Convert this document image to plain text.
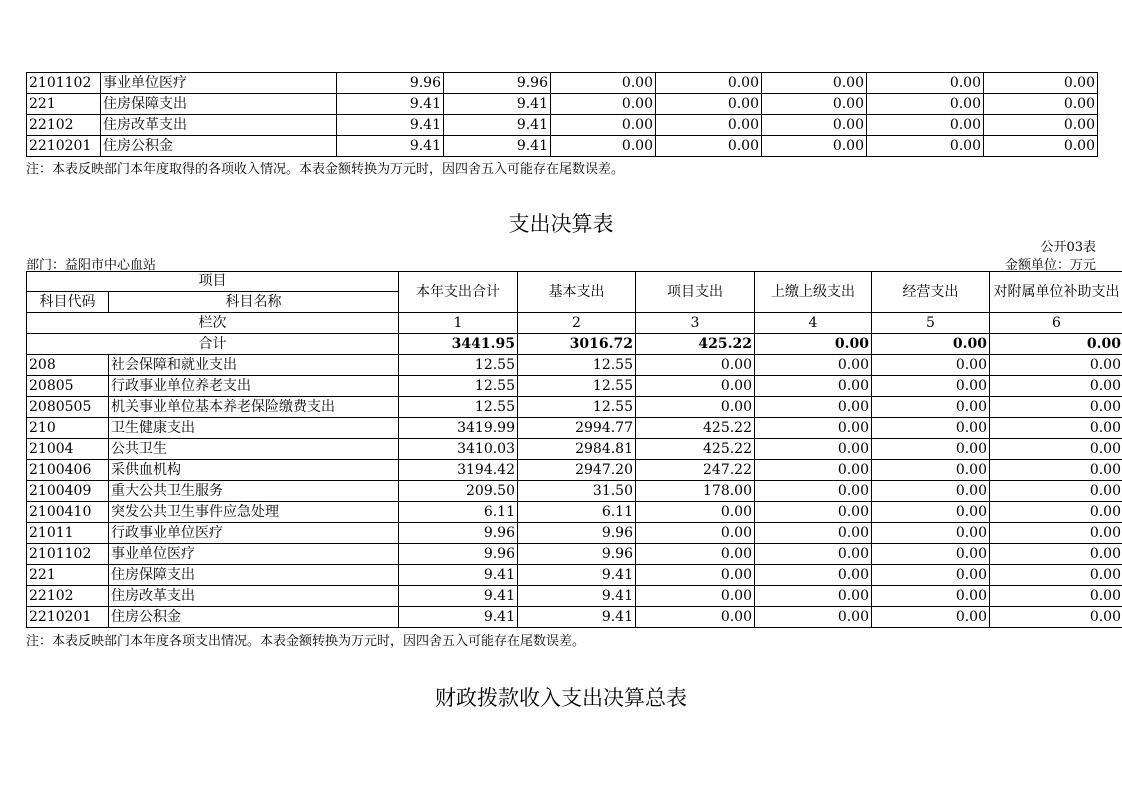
2101102	事业单位医疗	9.96	9.96	0.00	0.00	0.00	0.00	0.00
221	住房保障支出	9.41	9.41	0.00	0.00	0.00	0.00	0.00
22102	住房改革支出	9.41	9.41	0.00	0.00	0.00	0.00	0.00
2210201	住房公积金	9.41	9.41	0.00	0.00	0.00	0.00	0.00
注：本表反映部门本年度取得的各项收入情况。本表金额转换为万元时，因四舍五入可能存在尾数误差。
支出决算表
公开03表
部门：益阳市中心血站	金额单位：万元
项目		本年支出合计	基本支出	项目支出	上缴上级支出	经营支出	对附属单位补助支出
科目代码	科目名称						
栏次		1	2	3	4	5	6
合计		3441.95	3016.72	425.22	0.00	0.00	0.00
208	社会保障和就业支出	12.55	12.55	0.00	0.00	0.00	0.00
20805	行政事业单位养老支出	12.55	12.55	0.00	0.00	0.00	0.00
2080505	机关事业单位基本养老保险缴费支出	12.55	12.55	0.00	0.00	0.00	0.00
210	卫生健康支出	3419.99	2994.77	425.22	0.00	0.00	0.00
21004	公共卫生	3410.03	2984.81	425.22	0.00	0.00	0.00
2100406	采供血机构	3194.42	2947.20	247.22	0.00	0.00	0.00
2100409	重大公共卫生服务	209.50	31.50	178.00	0.00	0.00	0.00
2100410	突发公共卫生事件应急处理	6.11	6.11	0.00	0.00	0.00	0.00
21011	行政事业单位医疗	9.96	9.96	0.00	0.00	0.00	0.00
2101102	事业单位医疗	9.96	9.96	0.00	0.00	0.00	0.00
221	住房保障支出	9.41	9.41	0.00	0.00	0.00	0.00
22102	住房改革支出	9.41	9.41	0.00	0.00	0.00	0.00
2210201	住房公积金	9.41	9.41	0.00	0.00	0.00	0.00
注：本表反映部门本年度各项支出情况。本表金额转换为万元时，因四舍五入可能存在尾数误差。
财政拨款收入支出决算总表
